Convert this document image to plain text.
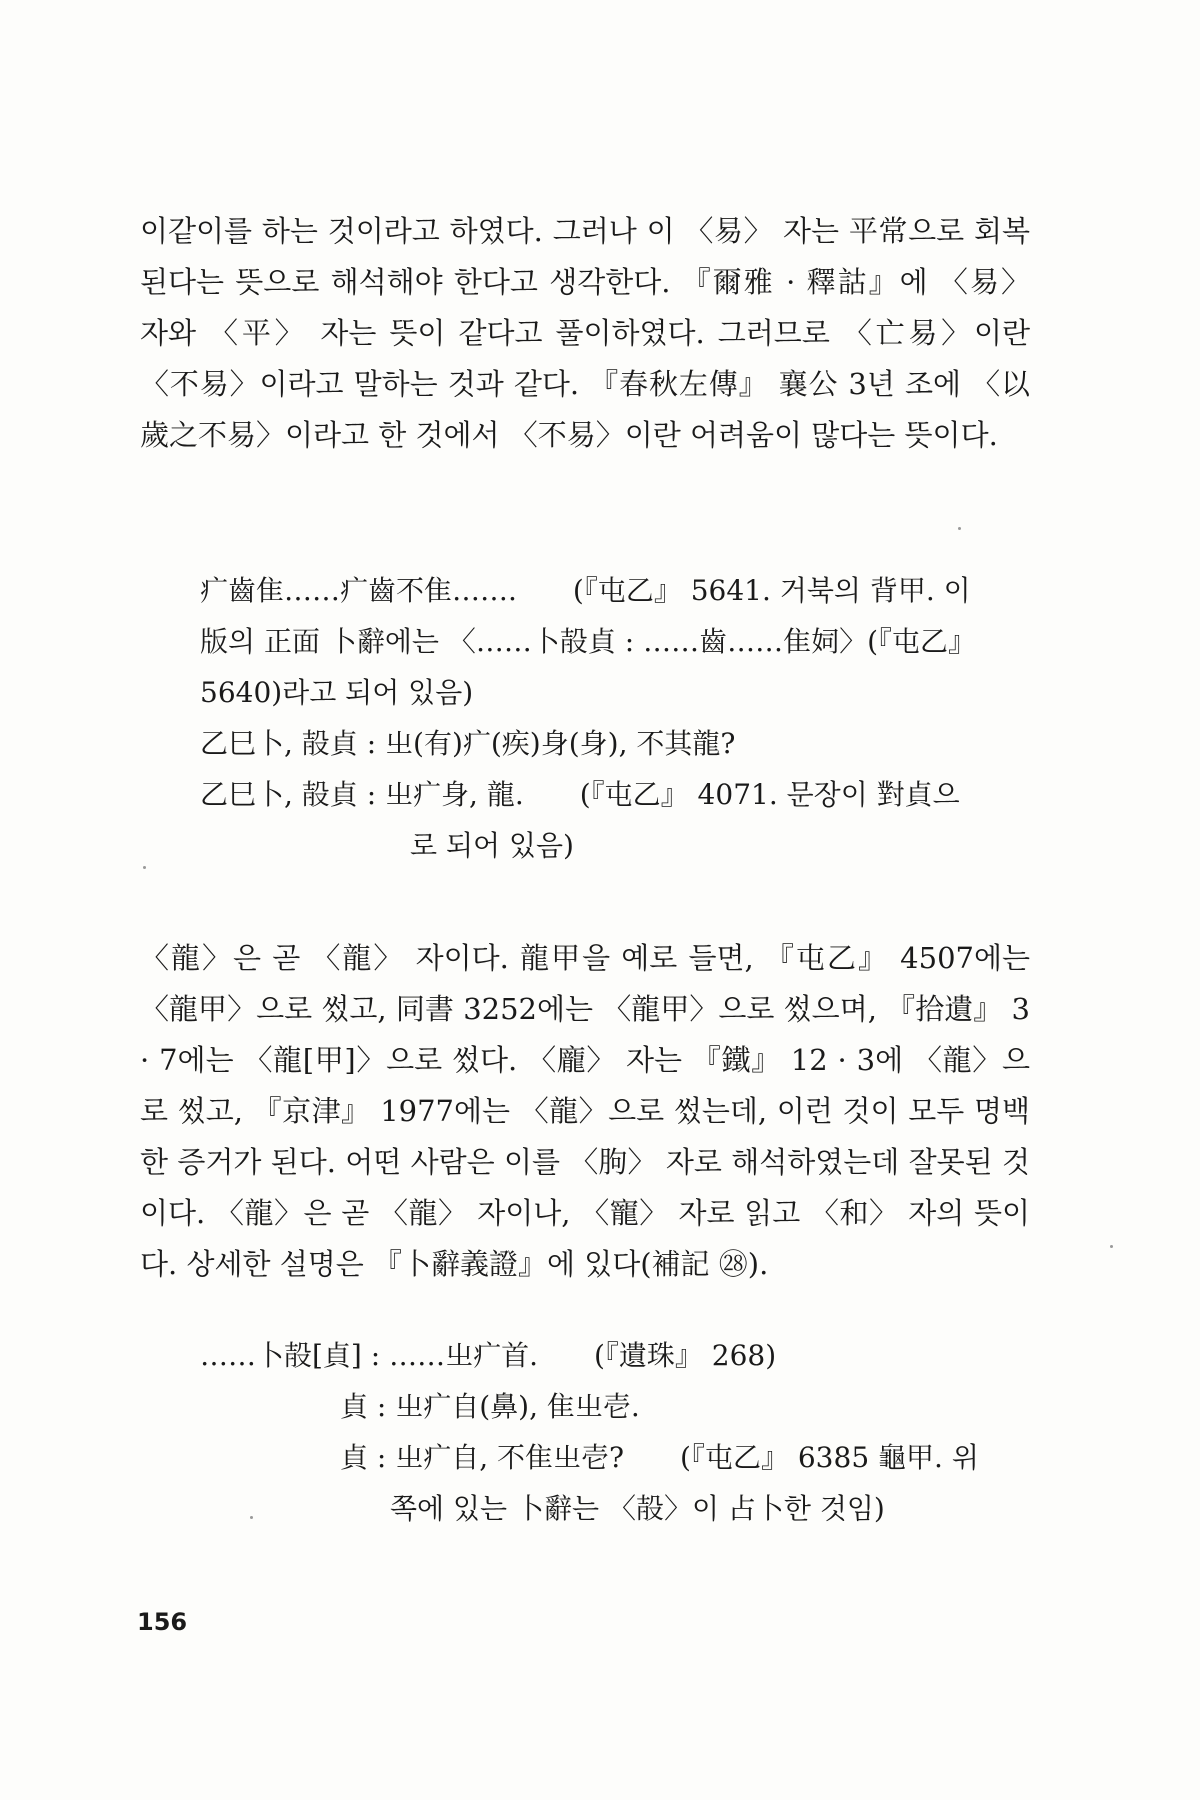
이같이를 하는 것이라고 하였다. 그러나 이 〈易〉 자는 平常으로 회복된다는 뜻으로 해석해야 한다고 생각한다. 『爾雅 · 釋詁』에 〈易〉 자와 〈平〉 자는 뜻이 같다고 풀이하였다. 그러므로 〈亡易〉이란 〈不易〉이라고 말하는 것과 같다. 『春秋左傳』 襄公 3년 조에 〈以歲之不易〉이라고 한 것에서 〈不易〉이란 어려움이 많다는 뜻이다.

疒齒隹……疒齒不隹…….　　(『屯乙』 5641. 거북의 背甲. 이

版의 正面 卜辭에는 〈……卜㱿貞 : ……齒……隹㚸〉(『屯乙』

5640)라고 되어 있음)

乙巳卜, 㱿貞 : 㞢(有)疒(疾)身(身), 不其龍?

乙巳卜, 㱿貞 : 㞢疒身, 龍.　　(『屯乙』 4071. 문장이 對貞으

로 되어 있음)

〈龍〉은 곧 〈龍〉 자이다. 龍甲을 예로 들면, 『屯乙』 4507에는 〈龍甲〉으로 썼고, 同書 3252에는 〈龍甲〉으로 썼으며, 『拾遺』 3 · 7에는 〈龍[甲]〉으로 썼다. 〈龐〉 자는 『鐵』 12 · 3에 〈龍〉으로 썼고, 『京津』 1977에는 〈龍〉으로 썼는데, 이런 것이 모두 명백한 증거가 된다. 어떤 사람은 이를 〈朐〉 자로 해석하였는데 잘못된 것이다. 〈龍〉은 곧 〈龍〉 자이나, 〈寵〉 자로 읽고 〈和〉 자의 뜻이다. 상세한 설명은 『卜辭義證』에 있다(補記 ㉘).

……卜㱿[貞] : ……㞢疒首.　　(『遺珠』 268)

貞 : 㞢疒自(鼻), 隹㞢壱.

貞 : 㞢疒自, 不隹㞢壱?　　(『屯乙』 6385 龜甲. 위

쪽에 있는 卜辭는 〈㱿〉이 占卜한 것임)

156
